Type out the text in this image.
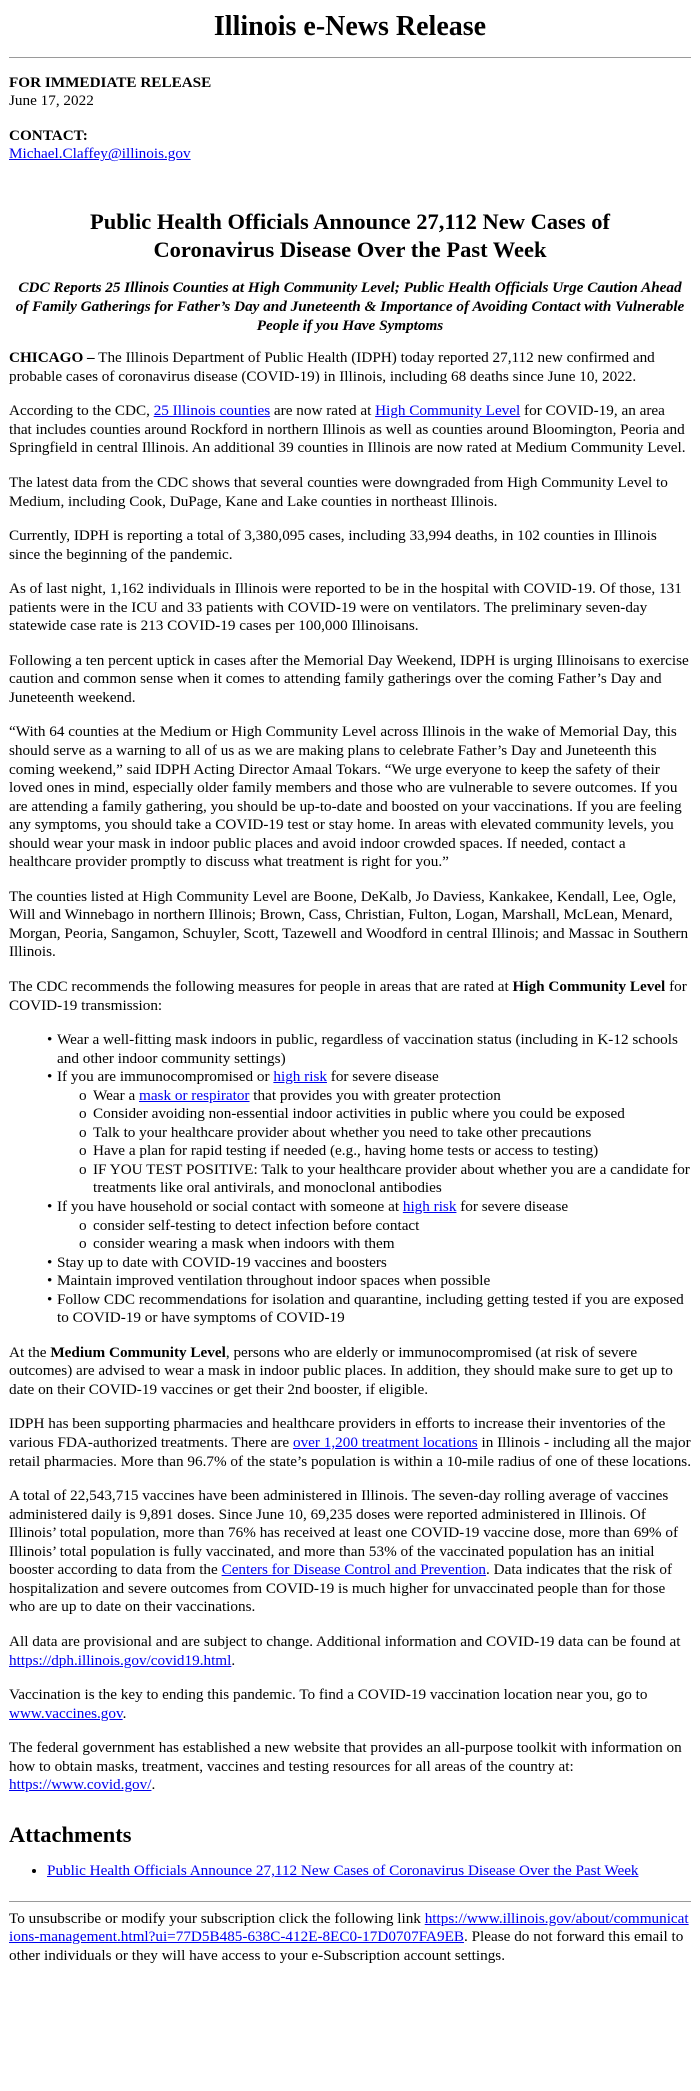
Illinois e-News Release
FOR IMMEDIATE RELEASE
June 17, 2022
CONTACT:
Michael.Claffey@illinois.gov
Public Health Officials Announce 27,112 New Cases of Coronavirus Disease Over the Past Week
CDC Reports 25 Illinois Counties at High Community Level; Public Health Officials Urge Caution Ahead of Family Gatherings for Father’s Day and Juneteenth & Importance of Avoiding Contact with Vulnerable People if you Have Symptoms

CHICAGO – The Illinois Department of Public Health (IDPH) today reported 27,112 new confirmed and probable cases of coronavirus disease (COVID-19) in Illinois, including 68 deaths since June 10, 2022.

According to the CDC, 25 Illinois counties are now rated at High Community Level for COVID-19, an area that includes counties around Rockford in northern Illinois as well as counties around Bloomington, Peoria and Springfield in central Illinois. An additional 39 counties in Illinois are now rated at Medium Community Level.

The latest data from the CDC shows that several counties were downgraded from High Community Level to Medium, including Cook, DuPage, Kane and Lake counties in northeast Illinois.

Currently, IDPH is reporting a total of 3,380,095 cases, including 33,994 deaths, in 102 counties in Illinois since the beginning of the pandemic.

As of last night, 1,162 individuals in Illinois were reported to be in the hospital with COVID-19. Of those, 131 patients were in the ICU and 33 patients with COVID-19 were on ventilators. The preliminary seven-day statewide case rate is 213 COVID-19 cases per 100,000 Illinoisans.

Following a ten percent uptick in cases after the Memorial Day Weekend, IDPH is urging Illinoisans to exercise caution and common sense when it comes to attending family gatherings over the coming Father’s Day and Juneteenth weekend.

“With 64 counties at the Medium or High Community Level across Illinois in the wake of Memorial Day, this should serve as a warning to all of us as we are making plans to celebrate Father’s Day and Juneteenth this coming weekend,” said IDPH Acting Director Amaal Tokars. “We urge everyone to keep the safety of their loved ones in mind, especially older family members and those who are vulnerable to severe outcomes. If you are attending a family gathering, you should be up-to-date and boosted on your vaccinations. If you are feeling any symptoms, you should take a COVID-19 test or stay home. In areas with elevated community levels, you should wear your mask in indoor public places and avoid indoor crowded spaces. If needed, contact a healthcare provider promptly to discuss what treatment is right for you.”

The counties listed at High Community Level are Boone, DeKalb, Jo Daviess, Kankakee, Kendall, Lee, Ogle, Will and Winnebago in northern Illinois; Brown, Cass, Christian, Fulton, Logan, Marshall, McLean, Menard, Morgan, Peoria, Sangamon, Schuyler, Scott, Tazewell and Woodford in central Illinois; and Massac in Southern Illinois.

The CDC recommends the following measures for people in areas that are rated at High Community Level for COVID-19 transmission:

• Wear a well-fitting mask indoors in public, regardless of vaccination status (including in K-12 schools and other indoor community settings)
• If you are immunocompromised or high risk for severe disease
o Wear a mask or respirator that provides you with greater protection
o Consider avoiding non-essential indoor activities in public where you could be exposed
o Talk to your healthcare provider about whether you need to take other precautions
o Have a plan for rapid testing if needed (e.g., having home tests or access to testing)
o IF YOU TEST POSITIVE: Talk to your healthcare provider about whether you are a candidate for treatments like oral antivirals, and monoclonal antibodies
• If you have household or social contact with someone at high risk for severe disease
o consider self-testing to detect infection before contact
o consider wearing a mask when indoors with them
• Stay up to date with COVID-19 vaccines and boosters
• Maintain improved ventilation throughout indoor spaces when possible
• Follow CDC recommendations for isolation and quarantine, including getting tested if you are exposed to COVID-19 or have symptoms of COVID-19

At the Medium Community Level, persons who are elderly or immunocompromised (at risk of severe outcomes) are advised to wear a mask in indoor public places. In addition, they should make sure to get up to date on their COVID-19 vaccines or get their 2nd booster, if eligible.

IDPH has been supporting pharmacies and healthcare providers in efforts to increase their inventories of the various FDA-authorized treatments. There are over 1,200 treatment locations in Illinois - including all the major retail pharmacies. More than 96.7% of the state’s population is within a 10-mile radius of one of these locations.

A total of 22,543,715 vaccines have been administered in Illinois. The seven-day rolling average of vaccines administered daily is 9,891 doses. Since June 10, 69,235 doses were reported administered in Illinois. Of Illinois’ total population, more than 76% has received at least one COVID-19 vaccine dose, more than 69% of Illinois’ total population is fully vaccinated, and more than 53% of the vaccinated population has an initial booster according to data from the Centers for Disease Control and Prevention. Data indicates that the risk of hospitalization and severe outcomes from COVID-19 is much higher for unvaccinated people than for those who are up to date on their vaccinations.

All data are provisional and are subject to change. Additional information and COVID-19 data can be found at https://dph.illinois.gov/covid19.html.

Vaccination is the key to ending this pandemic. To find a COVID-19 vaccination location near you, go to www.vaccines.gov.

The federal government has established a new website that provides an all-purpose toolkit with information on how to obtain masks, treatment, vaccines and testing resources for all areas of the country at: https://www.covid.gov/.

Attachments
• Public Health Officials Announce 27,112 New Cases of Coronavirus Disease Over the Past Week
To unsubscribe or modify your subscription click the following link https://www.illinois.gov/about/communications-management.html?ui=77D5B485-638C-412E-8EC0-17D0707FA9EB. Please do not forward this email to other individuals or they will have access to your e-Subscription account settings.
